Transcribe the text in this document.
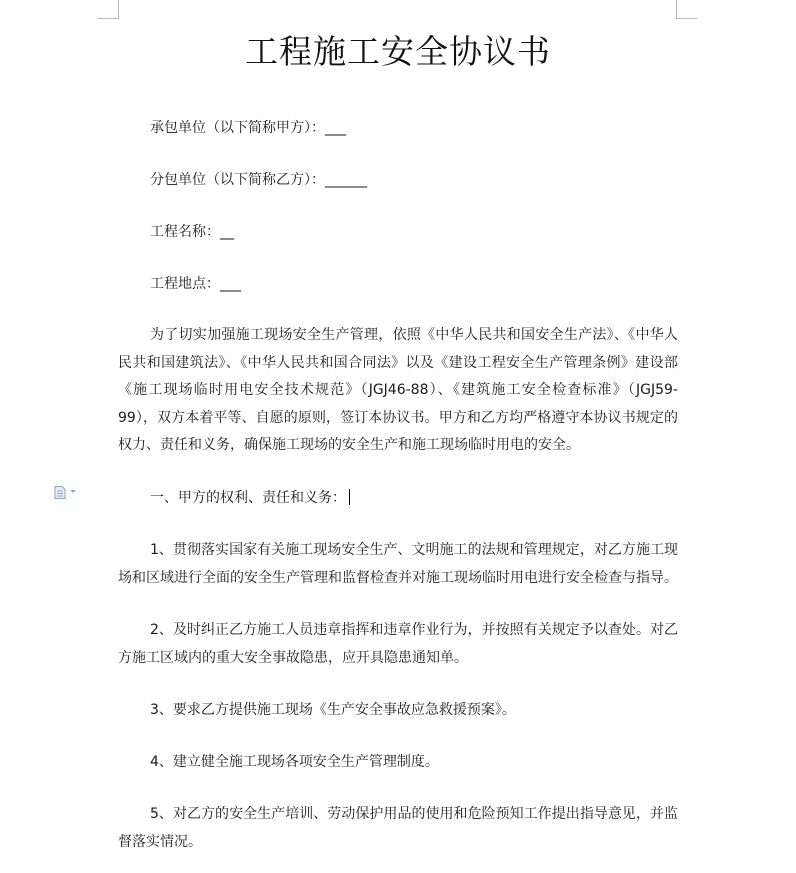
工程施工安全协议书
承包单位（以下简称甲方）：___
分包单位（以下简称乙方）：______
工程名称：__
工程地点：___
为了切实加强施工现场安全生产管理，依照《中华人民共和国安全生产法》、《中华人民共和国建筑法》、《中华人民共和国合同法》以及《建设工程安全生产管理条例》建设部《施工现场临时用电安全技术规范》（JGJ46-88）、《建筑施工安全检查标准》（JGJ59-99），双方本着平等、自愿的原则，签订本协议书。甲方和乙方均严格遵守本协议书规定的权力、责任和义务，确保施工现场的安全生产和施工现场临时用电的安全。
一、甲方的权利、责任和义务：
1、贯彻落实国家有关施工现场安全生产、文明施工的法规和管理规定，对乙方施工现场和区域进行全面的安全生产管理和监督检查并对施工现场临时用电进行安全检查与指导。
2、及时纠正乙方施工人员违章指挥和违章作业行为，并按照有关规定予以查处。对乙方施工区域内的重大安全事故隐患，应开具隐患通知单。
3、要求乙方提供施工现场《生产安全事故应急救援预案》。
4、建立健全施工现场各项安全生产管理制度。
5、对乙方的安全生产培训、劳动保护用品的使用和危险预知工作提出指导意见，并监督落实情况。
